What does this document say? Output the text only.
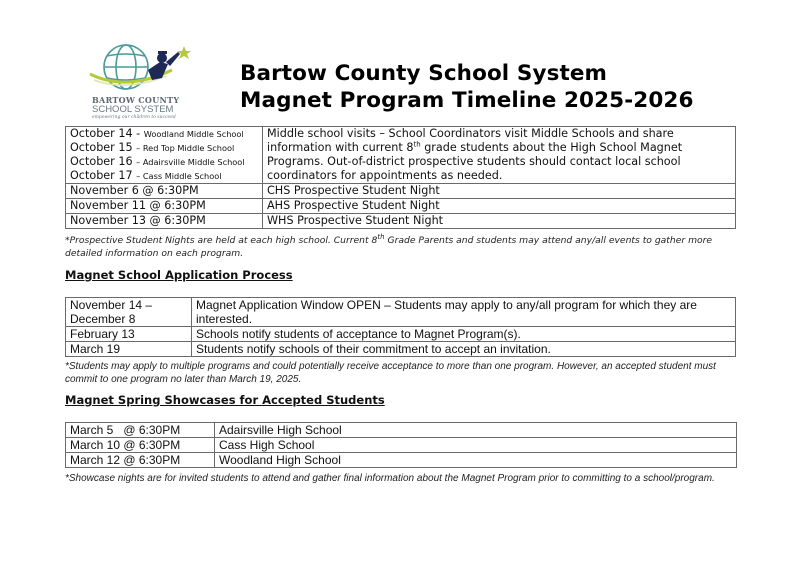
BARTOW COUNTY
SCHOOL SYSTEM
empowering our children to succeed
Bartow County School System
Magnet Program Timeline 2025-2026
October 14 - Woodland Middle School
October 15 – Red Top Middle School
October 16 – Adairsville Middle School
October 17 – Cass Middle School
	Middle school visits – School Coordinators visit Middle Schools and share information with current 8th grade students about the High School Magnet Programs. Out-of-district prospective students should contact local school coordinators for appointments as needed.
November 6 @ 6:30PM	CHS Prospective Student Night
November 11 @ 6:30PM	AHS Prospective Student Night
November 13 @ 6:30PM	WHS Prospective Student Night
*Prospective Student Nights are held at each high school. Current 8th Grade Parents and students may attend any/all events to gather more detailed information on each program.
Magnet School Application Process
November 14 – December 8	Magnet Application Window OPEN – Students may apply to any/all program for which they are interested.
February 13	Schools notify students of acceptance to Magnet Program(s).
March 19	Students notify schools of their commitment to accept an invitation.
*Students may apply to multiple programs and could potentially receive acceptance to more than one program. However, an accepted student must commit to one program no later than March 19, 2025.
Magnet Spring Showcases for Accepted Students
March 5   @ 6:30PM	Adairsville High School
March 10 @ 6:30PM	Cass High School
March 12 @ 6:30PM	Woodland High School
*Showcase nights are for invited students to attend and gather final information about the Magnet Program prior to committing to a school/program.
